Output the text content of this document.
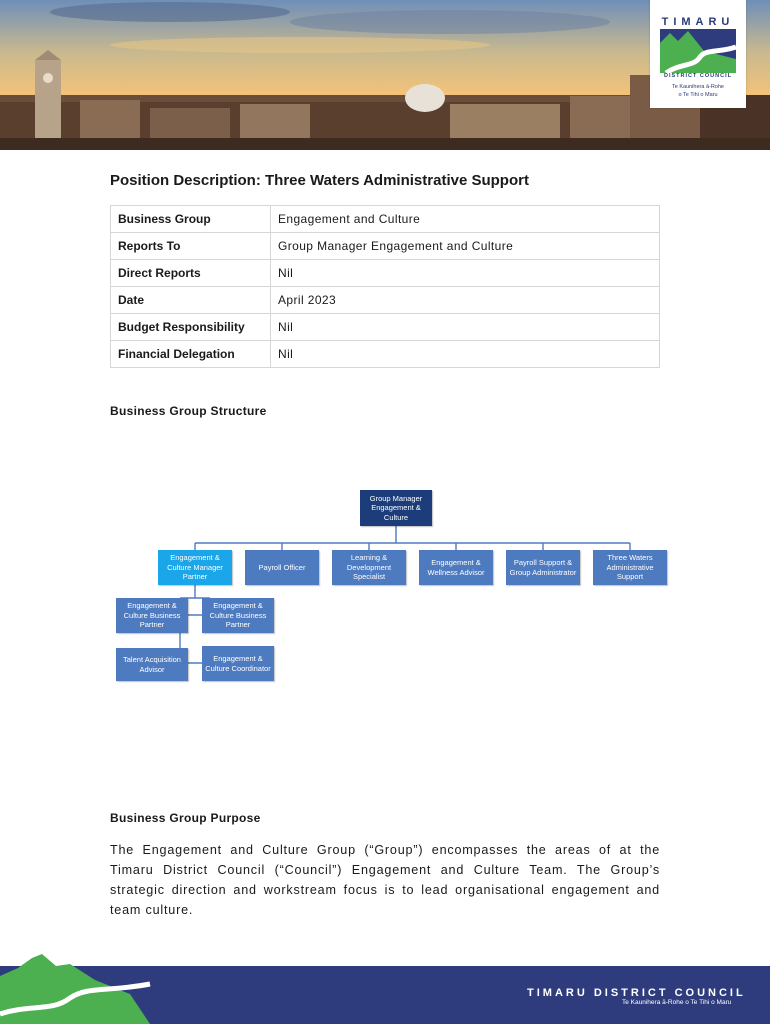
TIMARU
DISTRICT COUNCIL
Te Kaunihera ā-Rohe
o Te Tihi o Maru
Position Description: Three Waters Administrative Support
Business Group	Engagement and Culture
Reports To	Group Manager Engagement and Culture
Direct Reports	Nil
Date	April 2023
Budget Responsibility	Nil
Financial Delegation	Nil
Business Group Structure
Group Manager Engagement & Culture
Engagement & Culture Manager Partner
Payroll Officer
Learning & Development Specialist
Engagement & Wellness Advisor
Payroll Support & Group Administrator
Three Waters Administrative Support
Engagement & Culture Business Partner
Engagement & Culture Business Partner
Talent Acquisition Advisor
Engagement & Culture Coordinator
Business Group Purpose

The Engagement and Culture Group (“Group”) encompasses the areas of at the Timaru District Council (“Council”) Engagement and Culture Team. The Group’s strategic direction and workstream focus is to lead organisational engagement and team culture.

TIMARU DISTRICT COUNCIL
Te Kaunihera ā-Rohe o Te Tihi o Maru
